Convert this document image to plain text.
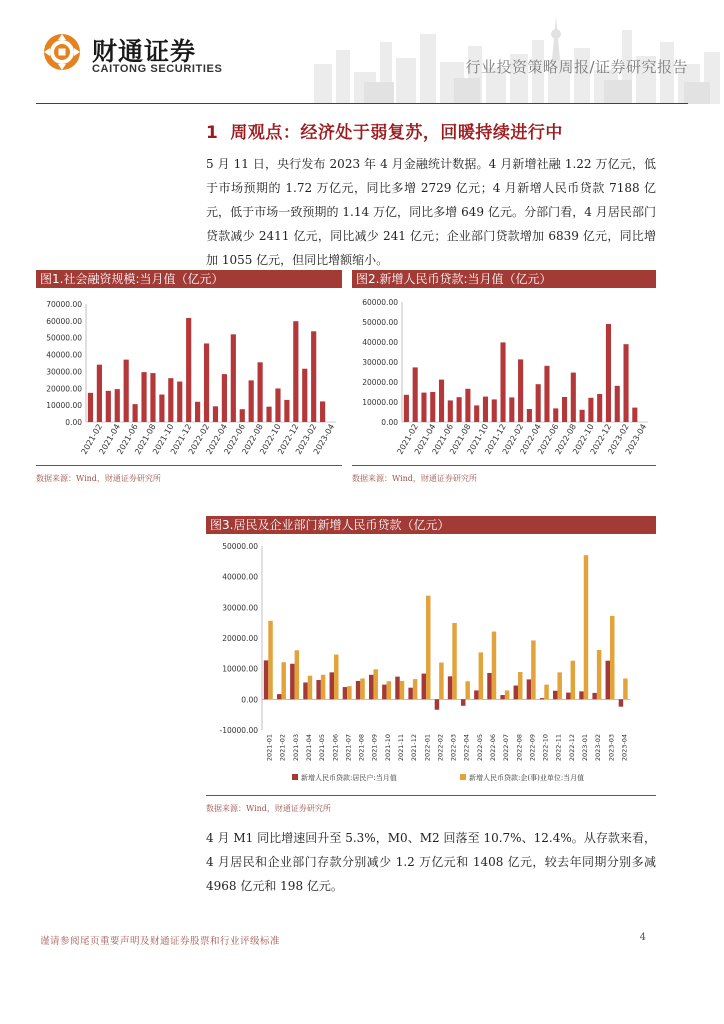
财通证券
CAITONG SECURITIES	行业投资策略周报/证券研究报告
1 周观点：经济处于弱复苏，回暖持续进行中

5 月 11 日，央行发布 2023 年 4 月金融统计数据。4 月新增社融 1.22 万亿元，低于市场预期的 1.72 万亿元，同比多增 2729 亿元；4 月新增人民币贷款 7188 亿元，低于市场一致预期的 1.14 万亿，同比多增 649 亿元。分部门看，4 月居民部门贷款减少 2411 亿元，同比减少 241 亿元；企业部门贷款增加 6839 亿元，同比增加 1055 亿元，但同比增额缩小。

图1.社会融资规模:当月值（亿元）
0.00
10000.00
20000.00
30000.00
40000.00
50000.00
60000.00
70000.00
2021-02
2021-04
2021-06
2021-08
2021-10
2021-12
2022-02
2022-04
2022-06
2022-08
2022-10
2022-12
2023-02
2023-04
数据来源：Wind，财通证券研究所
图2.新增人民币贷款:当月值（亿元）
0.00
10000.00
20000.00
30000.00
40000.00
50000.00
60000.00
2021-02
2021-04
2021-06
2021-08
2021-10
2021-12
2022-02
2022-04
2022-06
2022-08
2022-10
2022-12
2023-02
2023-04
数据来源：Wind，财通证券研究所
图3.居民及企业部门新增人民币贷款（亿元）
-10000.00
0.00
10000.00
20000.00
30000.00
40000.00
50000.00
2021-01 2021-02 2021-03 2021-04 2021-05 2021-06 2021-07 2021-08 2021-09 2021-10 2021-11 2021-12 2022-01 2022-02 2022-03 2022-04 2022-05 2022-06 2022-07 2022-08 2022-09 2022-10 2022-11 2022-12 2023-01 2023-02 2023-03 2023-04
新增人民币贷款:居民户:当月值	新增人民币贷款:企(事)业单位:当月值
数据来源：Wind，财通证券研究所

4 月 M1 同比增速回升至 5.3%，M0、M2 回落至 10.7%、12.4%。从存款来看，4 月居民和企业部门存款分别减少 1.2 万亿元和 1408 亿元，较去年同期分别多减 4968 亿元和 198 亿元。

谨请参阅尾页重要声明及财通证券股票和行业评级标准	4
